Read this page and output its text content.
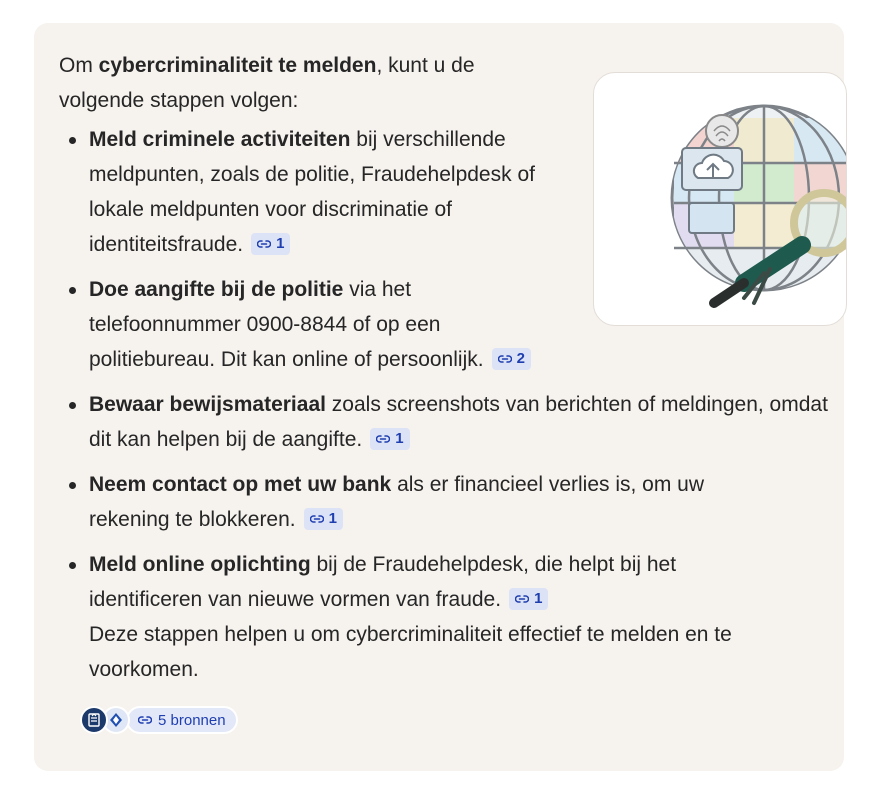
Om cybercriminaliteit te melden, kunt u de volgende stappen volgen:

Meld criminele activiteiten bij verschillende meldpunten, zoals de politie, Fraudehelpdesk of lokale meldpunten voor discriminatie of identiteitsfraude. 1
Doe aangifte bij de politie via het telefoonnummer 0900-8844 of op een politiebureau. Dit kan online of persoonlijk. 2
Bewaar bewijsmateriaal zoals screenshots van berichten of meldingen, omdat dit kan helpen bij de aangifte. 1
Neem contact op met uw bank als er financieel verlies is, om uw rekening te blokkeren. 1
Meld online oplichting bij de Fraudehelpdesk, die helpt bij het identificeren van nieuwe vormen van fraude. 1
Deze stappen helpen u om cybercriminaliteit effectief te melden en te voorkomen.
5 bronnen
